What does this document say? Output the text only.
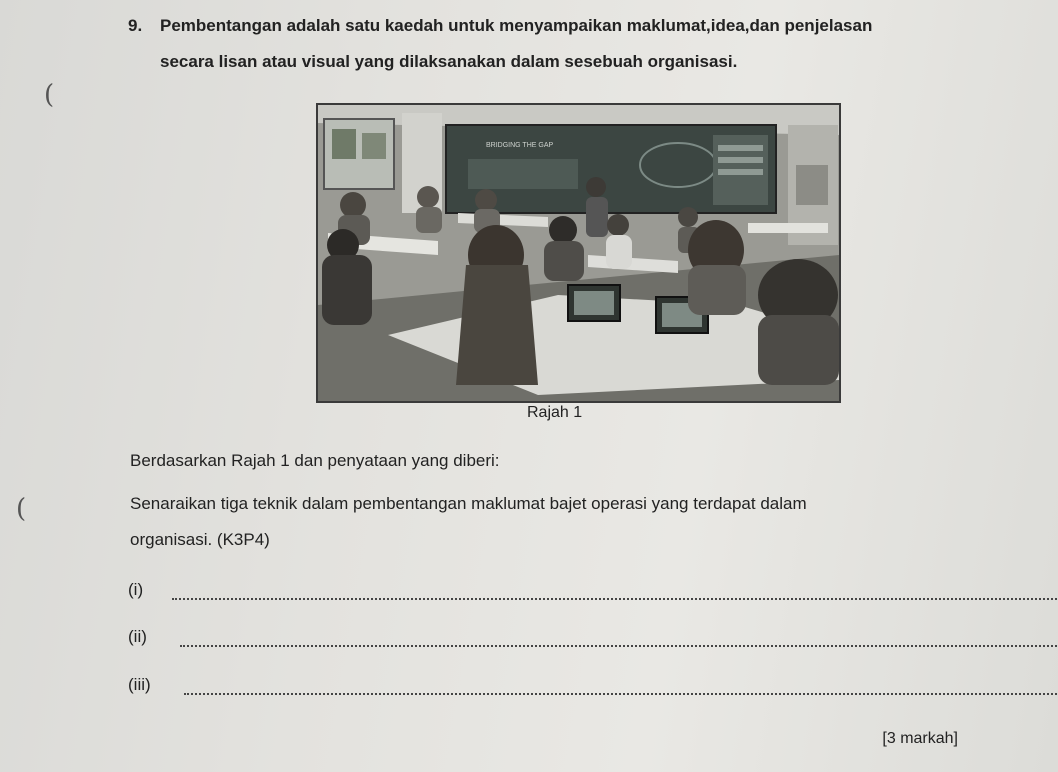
(
(
9. Pembentangan adalah satu kaedah untuk menyampaikan maklumat,idea,dan penjelasan
secara lisan atau visual yang dilaksanakan dalam sesebuah organisasi.
BRIDGING THE GAP
Rajah 1
Berdasarkan Rajah 1 dan penyataan yang diberi:
Senaraikan tiga teknik dalam pembentangan maklumat bajet operasi yang terdapat dalam
organisasi. (K3P4)
(i)
(ii)
(iii)
[3 markah]
